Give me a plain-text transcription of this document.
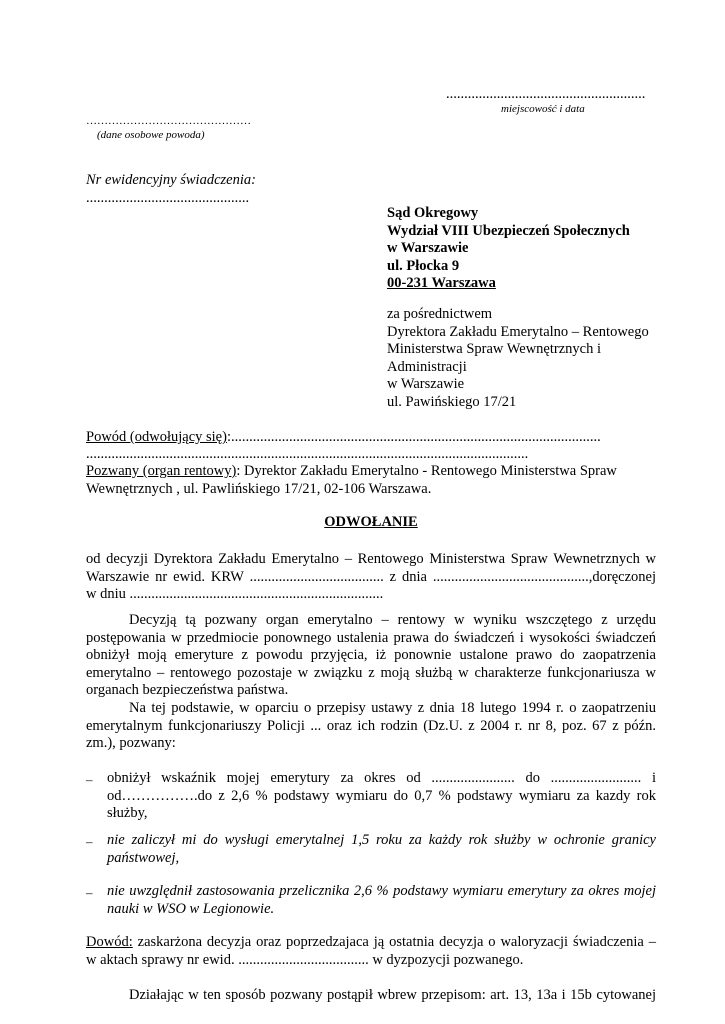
.......................................................
miejscowość i data
………………………………………
(dane osobowe powoda)
Nr ewidencyjny świadczenia:
.............................................
Sąd Okregowy
Wydział VIII Ubezpieczeń Społecznych
w Warszawie
ul. Płocka 9
00-231 Warszawa
za pośrednictwem
Dyrektora Zakładu Emerytalno – Rentowego
Ministerstwa Spraw Wewnętrznych i
Administracji
w Warszawie
ul. Pawińskiego 17/21
Powód (odwołujący się):......................................................................................................
..........................................................................................................................
Pozwany (organ rentowy): Dyrektor Zakładu Emerytalno - Rentowego Ministerstwa Spraw
Wewnętrznych , ul. Pawlińskiego 17/21, 02-106 Warszawa.
ODWOŁANIE
od decyzji Dyrektora Zakładu Emerytalno – Rentowego Ministerstwa Spraw Wewnetrznych w
Warszawie nr ewid. KRW ..................................... z dnia ...........................................,doręczonej
w dniu ......................................................................
Decyzją tą pozwany organ emerytalno – rentowy w wyniku wszczętego z urzędu
postępowania w przedmiocie ponownego ustalenia prawa do świadczeń i wysokości świadczeń
obniżył moją emeryture z powodu przyjęcia, iż ponownie ustalone prawo do zaopatrzenia
emerytalno – rentowego pozostaje w związku z moją służbą w charakterze funkcjonariusza w
organach bezpieczeństwa państwa.
Na tej podstawie, w oparciu o przepisy ustawy z dnia 18 lutego 1994 r. o zaopatrzeniu
emerytalnym funkcjonariuszy Policji ... oraz ich rodzin (Dz.U. z 2004 r. nr 8, poz. 67 z późn.
zm.), pozwany:
– obniżył wskaźnik mojej emerytury za okres od ....................... do ......................... i
od…………….do z 2,6 % podstawy wymiaru do 0,7 % podstawy wymiaru za kazdy rok
służby,
– nie zaliczył mi do wysługi emerytalnej 1,5 roku za każdy rok służby w ochronie granicy
państwowej,
– nie uwzględnił zastosowania przelicznika 2,6 % podstawy wymiaru emerytury za okres mojej
nauki w WSO w Legionowie.
Dowód: zaskarżona decyzja oraz poprzedzajaca ją ostatnia decyzja o waloryzacji świadczenia –
w aktach sprawy nr ewid. .................................... w dyzpozycji pozwanego.
Działając w ten sposób pozwany postąpił wbrew przepisom: art. 13, 13a i 15b cytowanej
